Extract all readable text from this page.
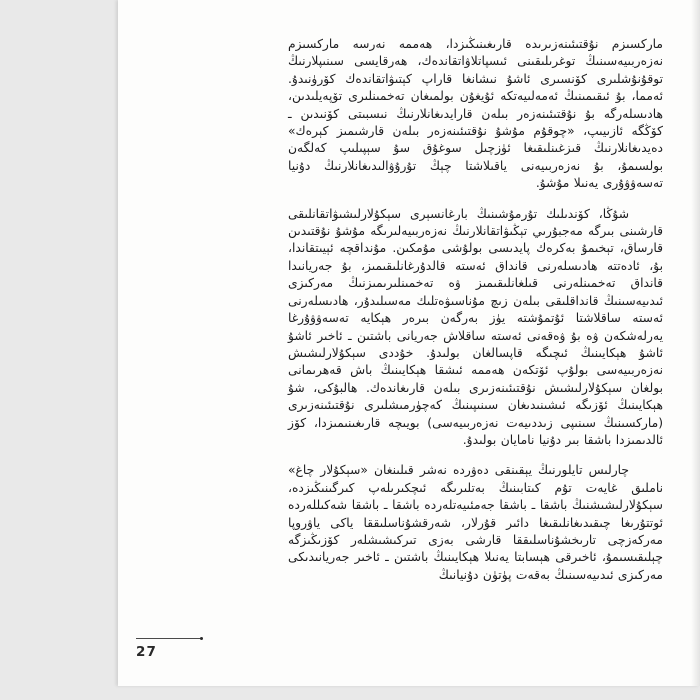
ماركسىزم نۇقتىئىنەزىرىدە قارىغىنىڭىزدا، ھەممە نەرسە ماركسىزم نەزەربىيەسىنىڭ توغرىلىقىنى ئىسپاتلاۋاتقاندەك، ھەرقايسى سىنىپلارنىڭ توقۇنۇشلىرى كۆنسىرى ئاشۇ نىشانغا قاراپ كېتىۋاتقاندەك كۆرۈنىدۇ. ئەمما، بۇ ئىقىمىنىڭ ئەمەلىيەتكە ئۇيغۇن بولمىغان تەخمىنلىرى تۆپەيلىدىن، ھادىسلەرگە بۇ نۇقتىئىنەزەر بىلەن قارايدىغانلارنىڭ نىسبىتى كۆنىدىن ـ كۆڭگە ئازىيىپ، «چوقۇم مۇشۇ نۇقتىئىنەزەر بىلەن قارشىمىز كېرەك» دەيدىغانلارنىڭ قىزغىنلىقىغا ئۈزچىل سوغۇق سۇ سېپىلىپ كەلگەن بولسىمۇ، بۇ نەزەربىيەنى ياقىلاشتا چېڭ تۇرۇۋالىدىغانلارنىڭ دۇنيا تەسەۋۋۇرى يەنىلا مۇشۇ.

شۇڭا، كۆندىلىك تۇرمۇشىنىڭ بارغانسېرى سېكۇلارلىشىۋاتقانلىقى قارشىنى بىرگە مەجبۇرىي تېڭىۋاتقانلارنىڭ نەزەربىيەلىرىگە مۇشۇ نۇقتىدىن قارساق، تېخىمۇ بەكرەك پايدىسى بولۇشى مۇمكىن. مۇنداقچە ئېيىتقاندا، بۇ، ئادەتتە ھادىسلەرنى قانداق ئەستە قالدۇرغانلىقىمىز، بۇ جەريانىدا قانداق تەخمىنلەرنى قىلغانلىقىمىز ۋە تەخمىنلىرىمىزنىڭ مەركىزى ئىدىيەسىنىڭ قانداقلىقى بىلەن زىچ مۇناسىۋەتلىك مەسىلىدۇر، ھادىسلەرنى ئەستە ساقلاشتا ئۇتمۇشتە يۈز بەرگەن بىرەر ھېكايە تەسەۋۋۇرغا يەرلەشكەن ۋە بۇ ۋەقەنى ئەستە ساقلاش جەريانى باشتىن ـ ئاخىر ئاشۇ ئاشۇ ھېكايىنىڭ ئىچىگە قاپسالغان بولىدۇ. خۇددى سېكۇلارلىشىش نەزەربىيەسى بولۇپ ئۆتكەن ھەممە ئىشقا ھېكايىنىڭ باش قەھرىمانى بولغان سېكۇلارلىشىش نۇقتىئىنەزىرى بىلەن قارىغاندەك. ھالبۇكى، شۇ ھېكايىنىڭ ئۆزىگە ئىشىنىدىغان سىنىپىنىڭ كەچۈرمىشلىرى نۇقتىئىنەزىرى (ماركسىنىڭ سىنىپى زىددىيەت نەزەربىيەسى) بويىچە قارىغىنىمىزدا، كۆز ئالدىمىزدا باشقا بىر دۇنيا نامايان بولىدۇ.

چارلىس تايلورنىڭ يېقىنقى دەۋردە نەشر قىلىنغان «سېكۇلار چاغ» ناملىق غايەت تۇم كىتابىنىڭ بەتلىرىگە ئىچكىرىلەپ كىرگىنىڭىزدە، سېكۇلارلىشىشنىڭ باشقا ـ باشقا جەمئىيەتلەردە باشقا ـ باشقا شەكىللەردە ئوتتۇرىغا چىقىدىغانلىقىغا دائىر قۇرلار، شەرقشۇناسلىققا ياكى ياۋروپا مەركەزچى تارىخشۇناسلىققا قارشى بەزى تىركىشىشلەر كۆزىڭىزگە چېلىقىسىمۇ، ئاخىرقى ھېسابتا يەنىلا ھېكايىنىڭ باشتىن ـ ئاخىر جەريانىدىكى مەركىزى ئىدىيەسىنىڭ بەقەت پۈتۈن دۇنيانىڭ

27
